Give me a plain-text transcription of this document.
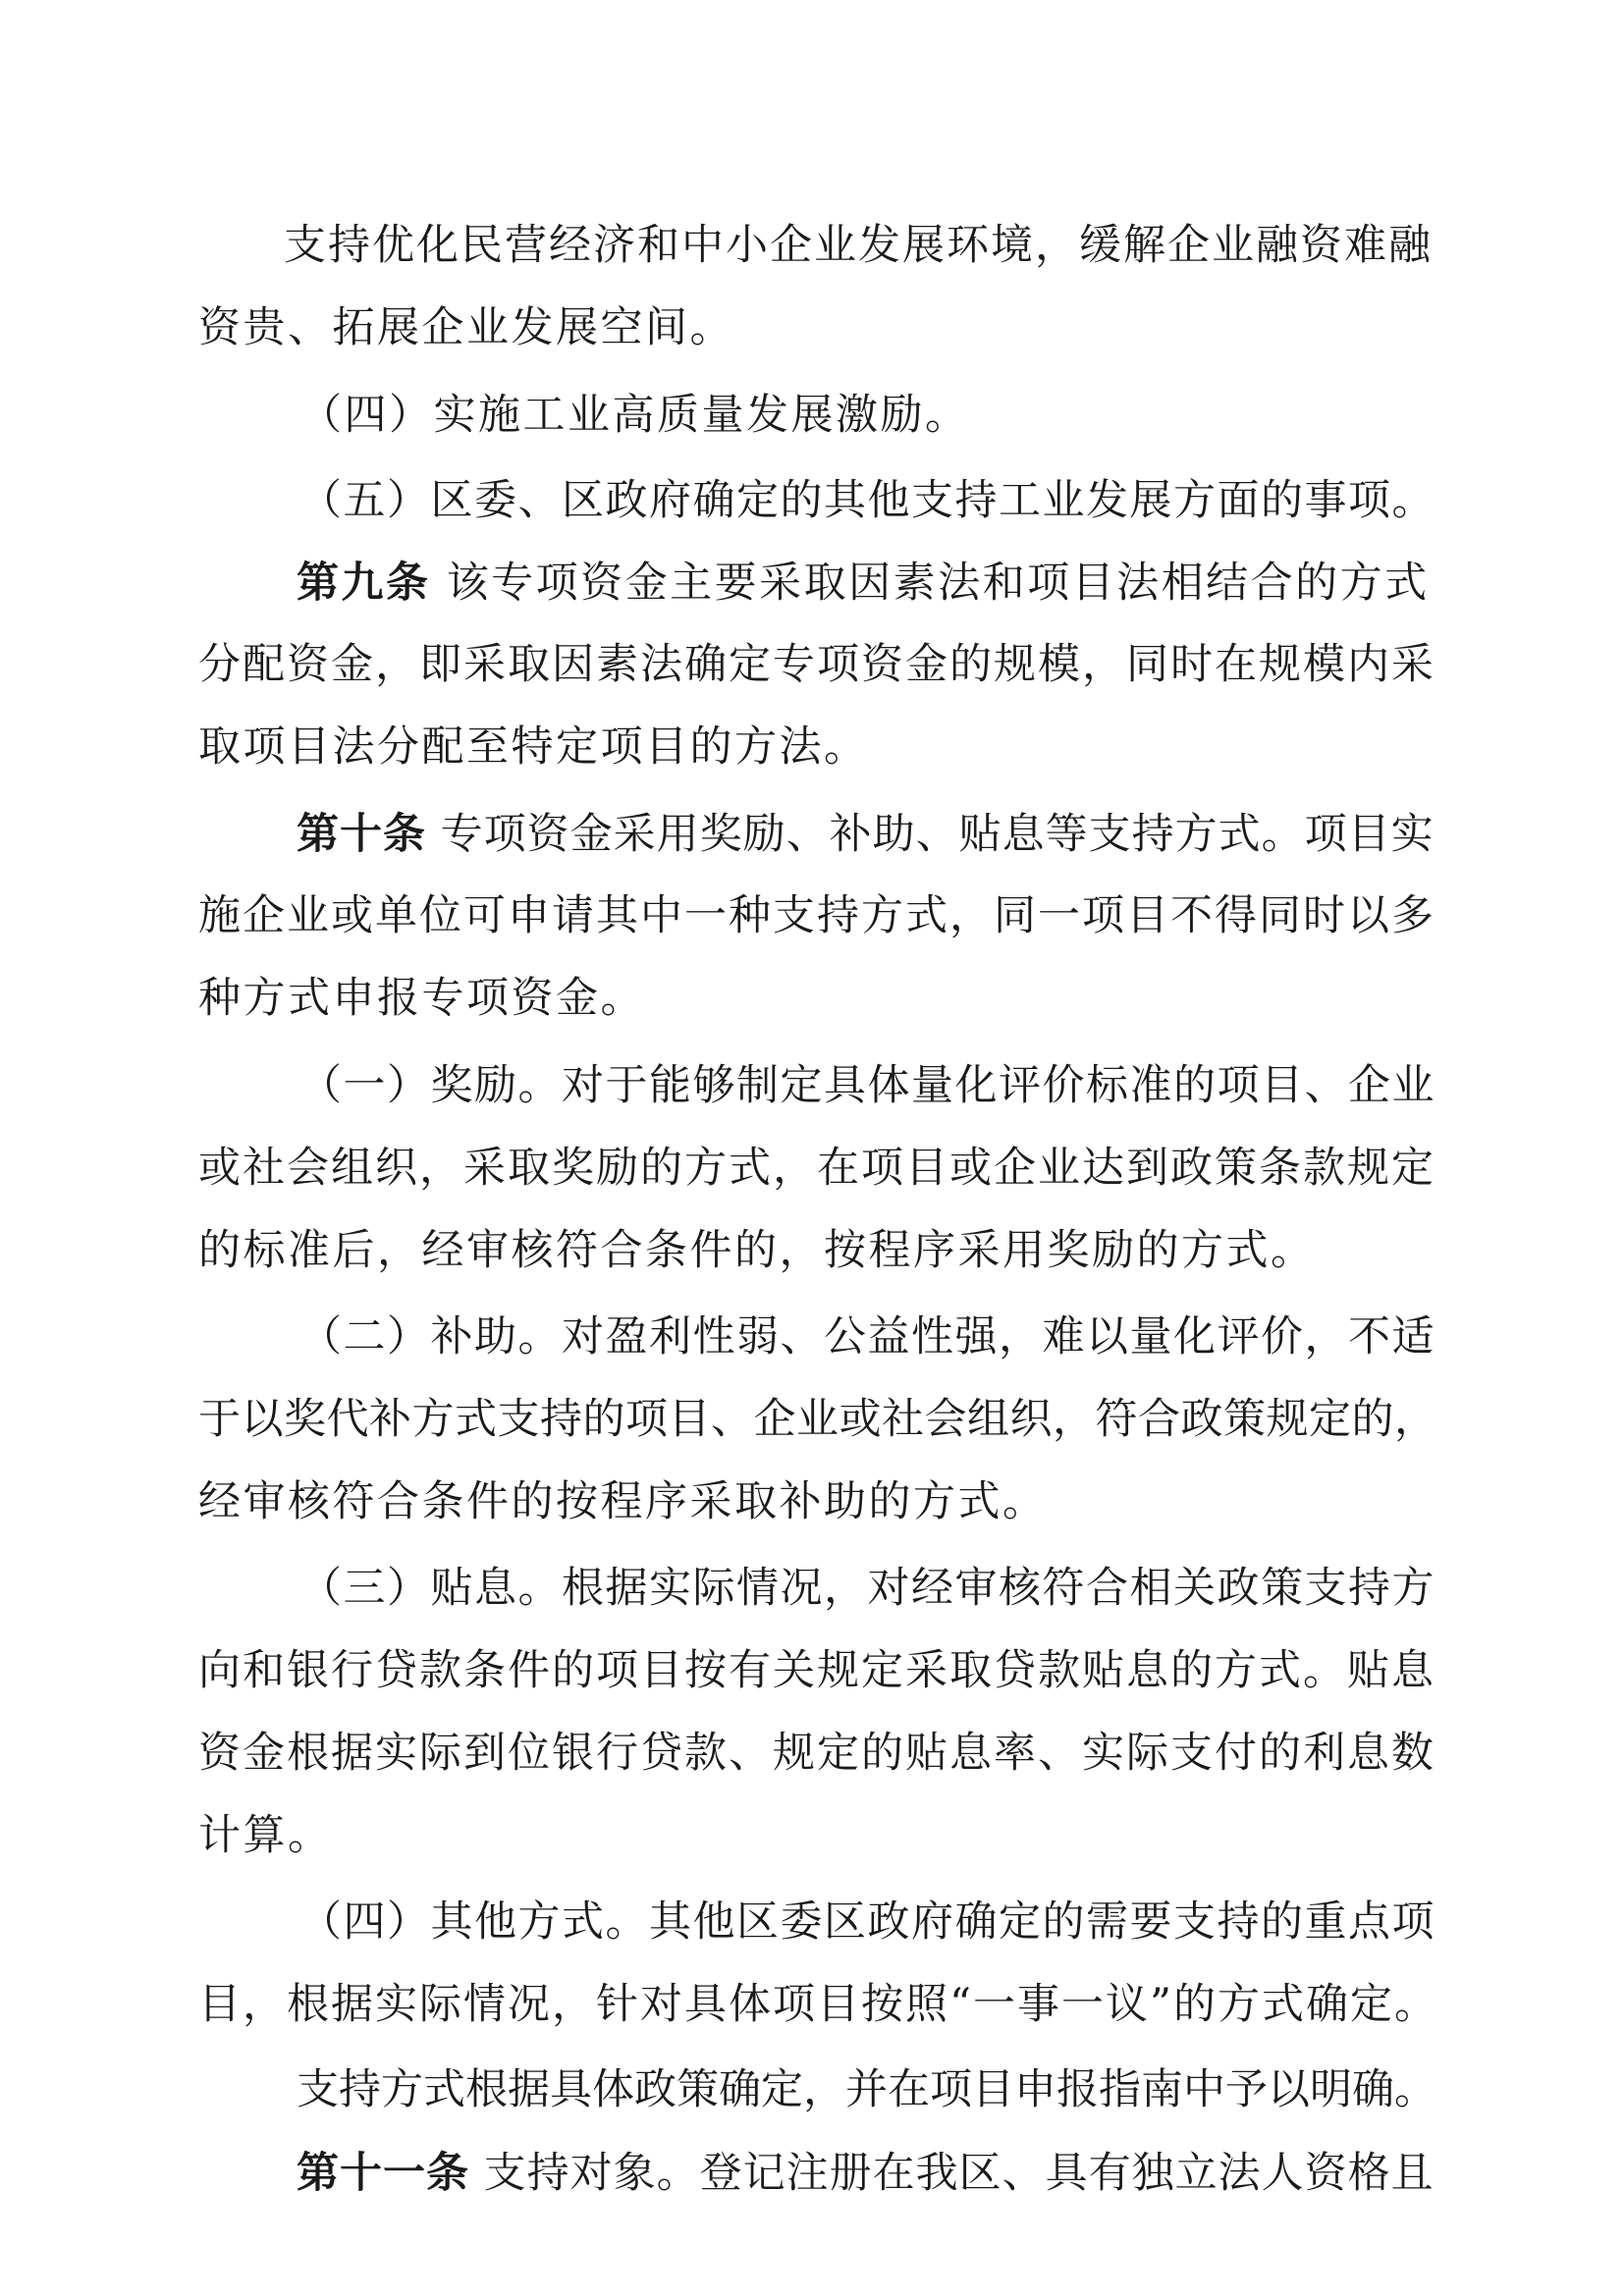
支持优化民营经济和中小企业发展环境，缓解企业融资难融
资贵、拓展企业发展空间。
（四）实施工业高质量发展激励。
（五）区委、区政府确定的其他支持工业发展方面的事项。
第九条 该专项资金主要采取因素法和项目法相结合的方式
分配资金，即采取因素法确定专项资金的规模，同时在规模内采
取项目法分配至特定项目的方法。
第十条 专项资金采用奖励、补助、贴息等支持方式。项目实
施企业或单位可申请其中一种支持方式，同一项目不得同时以多
种方式申报专项资金。
（一）奖励。对于能够制定具体量化评价标准的项目、企业
或社会组织，采取奖励的方式，在项目或企业达到政策条款规定
的标准后，经审核符合条件的，按程序采用奖励的方式。
（二）补助。对盈利性弱、公益性强，难以量化评价，不适
于以奖代补方式支持的项目、企业或社会组织，符合政策规定的，
经审核符合条件的按程序采取补助的方式。
（三）贴息。根据实际情况，对经审核符合相关政策支持方
向和银行贷款条件的项目按有关规定采取贷款贴息的方式。贴息
资金根据实际到位银行贷款、规定的贴息率、实际支付的利息数
计算。
（四）其他方式。其他区委区政府确定的需要支持的重点项
目，根据实际情况，针对具体项目按照“一事一议”的方式确定。
支持方式根据具体政策确定，并在项目申报指南中予以明确。
第十一条 支持对象。登记注册在我区、具有独立法人资格且
